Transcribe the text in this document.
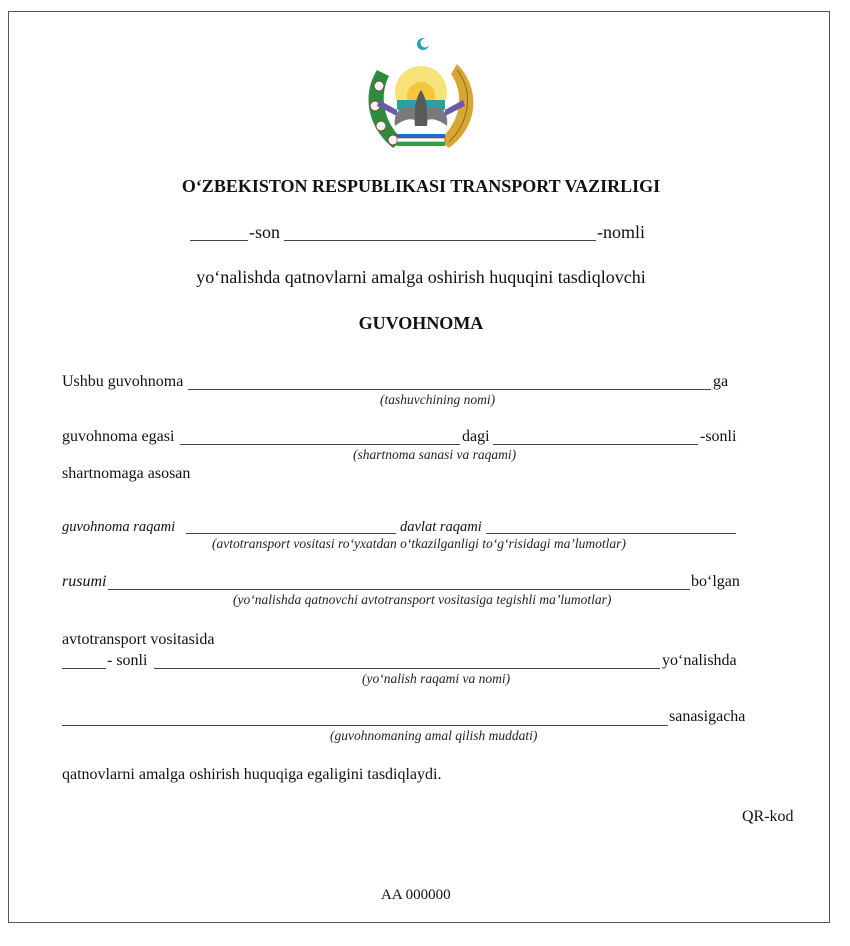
O‘ZBEKISTON RESPUBLIKASI TRANSPORT VAZIRLIGI
-son	-nomli
yo‘nalishda qatnovlarni amalga oshirish huquqini tasdiqlovchi
GUVOHNOMA
Ushbu guvohnoma	ga
(tashuvchining nomi)
guvohnoma egasi	dagi	-sonli
(shartnoma sanasi va raqami)
shartnomaga asosan
guvohnoma raqami	davlat raqami
(avtotransport vositasi ro‘yxatdan o‘tkazilganligi to‘g‘risidagi ma’lumotlar)
rusumi	bo‘lgan
(yo‘nalishda qatnovchi avtotransport vositasiga tegishli ma’lumotlar)
avtotransport vositasida
- sonli	yo‘nalishda
(yo‘nalish raqami va nomi)
sanasigacha
(guvohnomaning amal qilish muddati)
qatnovlarni amalga oshirish huquqiga egaligini tasdiqlaydi.
QR-kod
AA 000000
